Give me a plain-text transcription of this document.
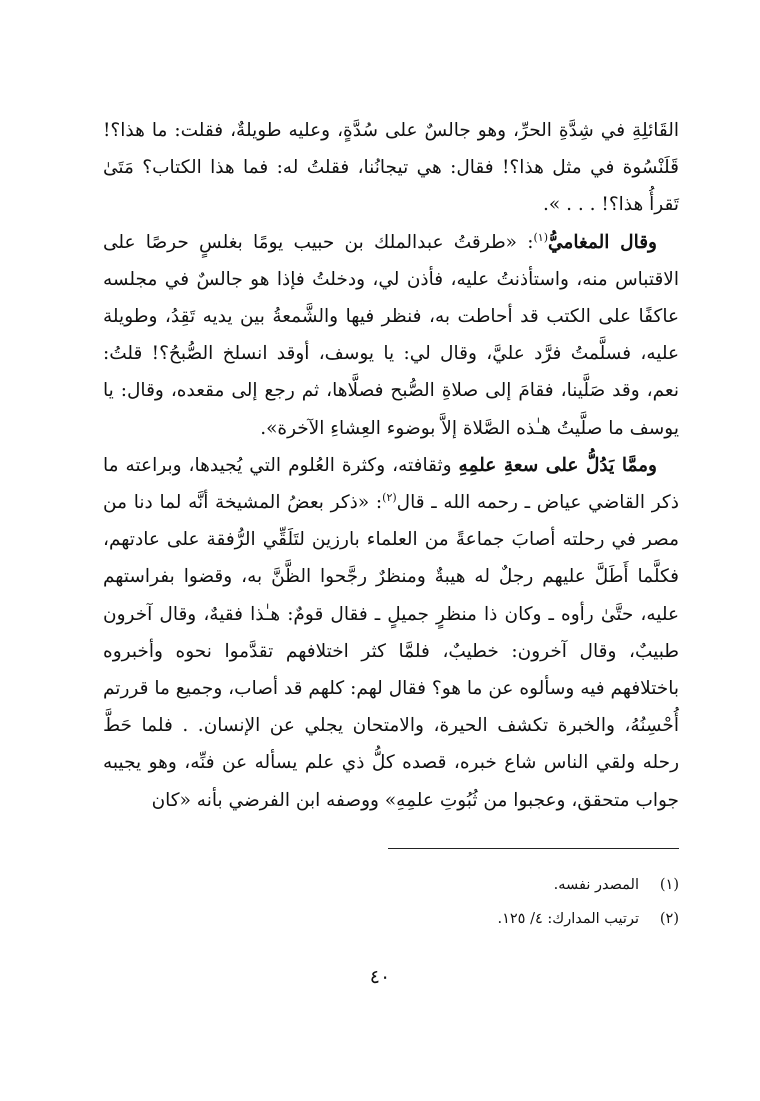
القَائلِةِ في شِدَّةِ الحرِّ، وهو جالسٌ على سُدَّةٍ، وعليه طويلةٌ، فقلت: ما هذا؟! قَلَنْسُوة في مثل هذا؟! فقال: هي تيجانُنا، فقلتُ له: فما هذا الكتاب؟ مَتَىٰ تَقرأُ هذا؟! . . . ».

وقال المغاميُّ$^{(١)}$: «طرقتُ عبدالملك بن حبيب يومًا بغلسٍ حرصًا على الاقتباس منه، واستأذنتُ عليه، فأذن لي، ودخلتُ فإذا هو جالسٌ في مجلسه عاكفًا على الكتب قد أحاطت به، فنظر فيها والشَّمعةُ بين يديه تَقِدُ، وطويلة عليه، فسلَّمتُ فرَّد عليَّ، وقال لي: يا يوسف، أوقد انسلخ الصُّبحُ؟! قلتُ: نعم، وقد صَلَّينا، فقامَ إلى صلاةِ الصُّبح فصلَّاها، ثم رجع إلى مقعده، وقال: يا يوسف ما صلَّيتُ هـٰذه الصَّلاة إلاَّ بوضوء العِشاءِ الآخرة».

وممَّا يَدُلُّ على سعةِ علمِهِ وثقافته، وكثرة العُلوم التي يُجيدها، وبراعته ما ذكر القاضي عياض ـ رحمه الله ـ قال$^{(٢)}$: «ذكر بعضُ المشيخة أنَّه لما دنا من مصر في رحلته أصابَ جماعةً من العلماء بارزين لتَلَقِّي الرُّفقة على عادتهم، فكلَّما أَطَلَّ عليهم رجلٌ له هيبةٌ ومنظرٌ رجَّحوا الظَّنَّ به، وقضوا بفراستهم عليه، حتَّىٰ رأوه ـ وكان ذا منظرٍ جميلٍ ـ فقال قومٌ: هـٰذا فقيهٌ، وقال آخرون طبيبٌ، وقال آخرون: خطيبٌ، فلمَّا كثر اختلافهم تقدَّموا نحوه وأخبروه باختلافهم فيه وسألوه عن ما هو؟ فقال لهم: كلهم قد أصاب، وجميع ما قررتم أُحْسِنُهُ، والخبرة تكشف الحيرة، والامتحان يجلي عن الإنسان. . فلما حَطَّ رحله ولقي الناس شاع خبره، قصده كلُّ ذي علم يسأله عن فنِّه، وهو يجيبه جواب متحقق، وعجبوا من ثُبُوتِ علمِهِ» ووصفه ابن الفرضي بأنه «كان

(١)المصدر نفسه.
(٢)ترتيب المدارك: ٤/ ١٢٥.
٤٠
